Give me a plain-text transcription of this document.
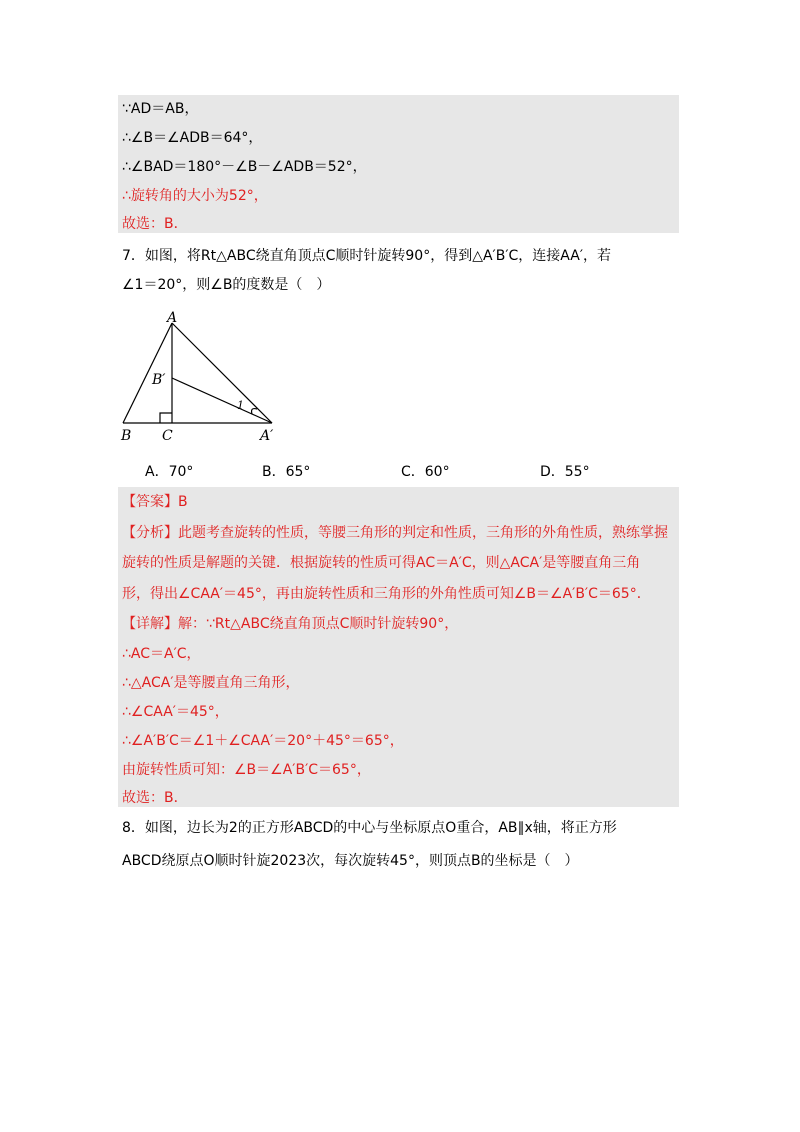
∵AD＝AB，
∴∠B＝∠ADB＝64°，
∴∠BAD＝180°－∠B－∠ADB＝52°，
∴旋转角的大小为52°，
故选：B．
7．如图，将Rt△ABC绕直角顶点C顺时针旋转90°，得到△A′B′C，连接AA′，若
∠1＝20°，则∠B的度数是（　）
A
B′
1
B C	A′
A．70°	B．65°	C．60°	D．55°
【答案】B
【分析】此题考查旋转的性质，等腰三角形的判定和性质，三角形的外角性质，熟练掌握
旋转的性质是解题的关键．根据旋转的性质可得AC＝A′C，则△ACA′是等腰直角三角
形，得出∠CAA′＝45°，再由旋转性质和三角形的外角性质可知∠B＝∠A′B′C＝65°．
【详解】解：∵Rt△ABC绕直角顶点C顺时针旋转90°，
∴AC＝A′C，
∴△ACA′是等腰直角三角形，
∴∠CAA′＝45°，
∴∠A′B′C＝∠1＋∠CAA′＝20°＋45°＝65°，
由旋转性质可知：∠B＝∠A′B′C＝65°，
故选：B．
8．如图，边长为2的正方形ABCD的中心与坐标原点O重合，AB∥x轴，将正方形
ABCD绕原点O顺时针旋2023次，每次旋转45°，则顶点B的坐标是（　）
